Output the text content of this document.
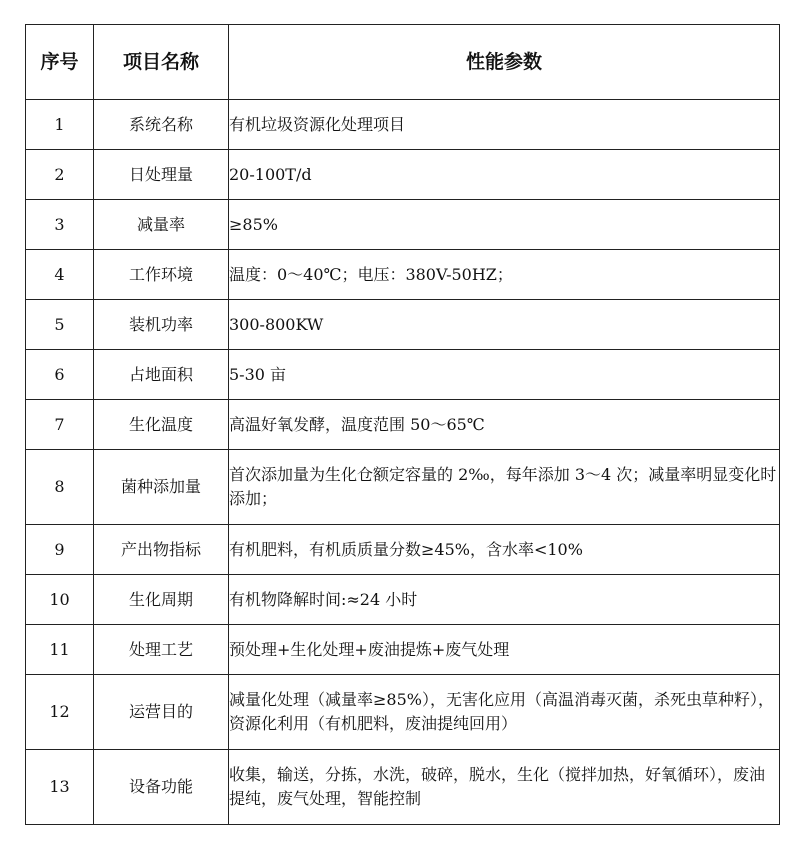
序号	项目名称	性能参数
1	系统名称	有机垃圾资源化处理项目
2	日处理量	20-100T/d
3	减量率	≥85%
4	工作环境	温度：0～40℃；电压：380V-50HZ；
5	装机功率	300-800KW
6	占地面积	5-30 亩
7	生化温度	高温好氧发酵，温度范围 50～65℃
8	菌种添加量	首次添加量为生化仓额定容量的 2‰，每年添加 3～4 次；减量率明显变化时添加；
9	产出物指标	有机肥料，有机质质量分数≥45%，含水率<10%
10	生化周期	有机物降解时间:≈24 小时
11	处理工艺	预处理+生化处理+废油提炼+废气处理
12	运营目的	减量化处理（减量率≥85%），无害化应用（高温消毒灭菌，杀死虫草种籽），资源化利用（有机肥料，废油提纯回用）
13	设备功能	收集，输送，分拣，水洗，破碎，脱水，生化（搅拌加热，好氧循环），废油提纯，废气处理，智能控制
